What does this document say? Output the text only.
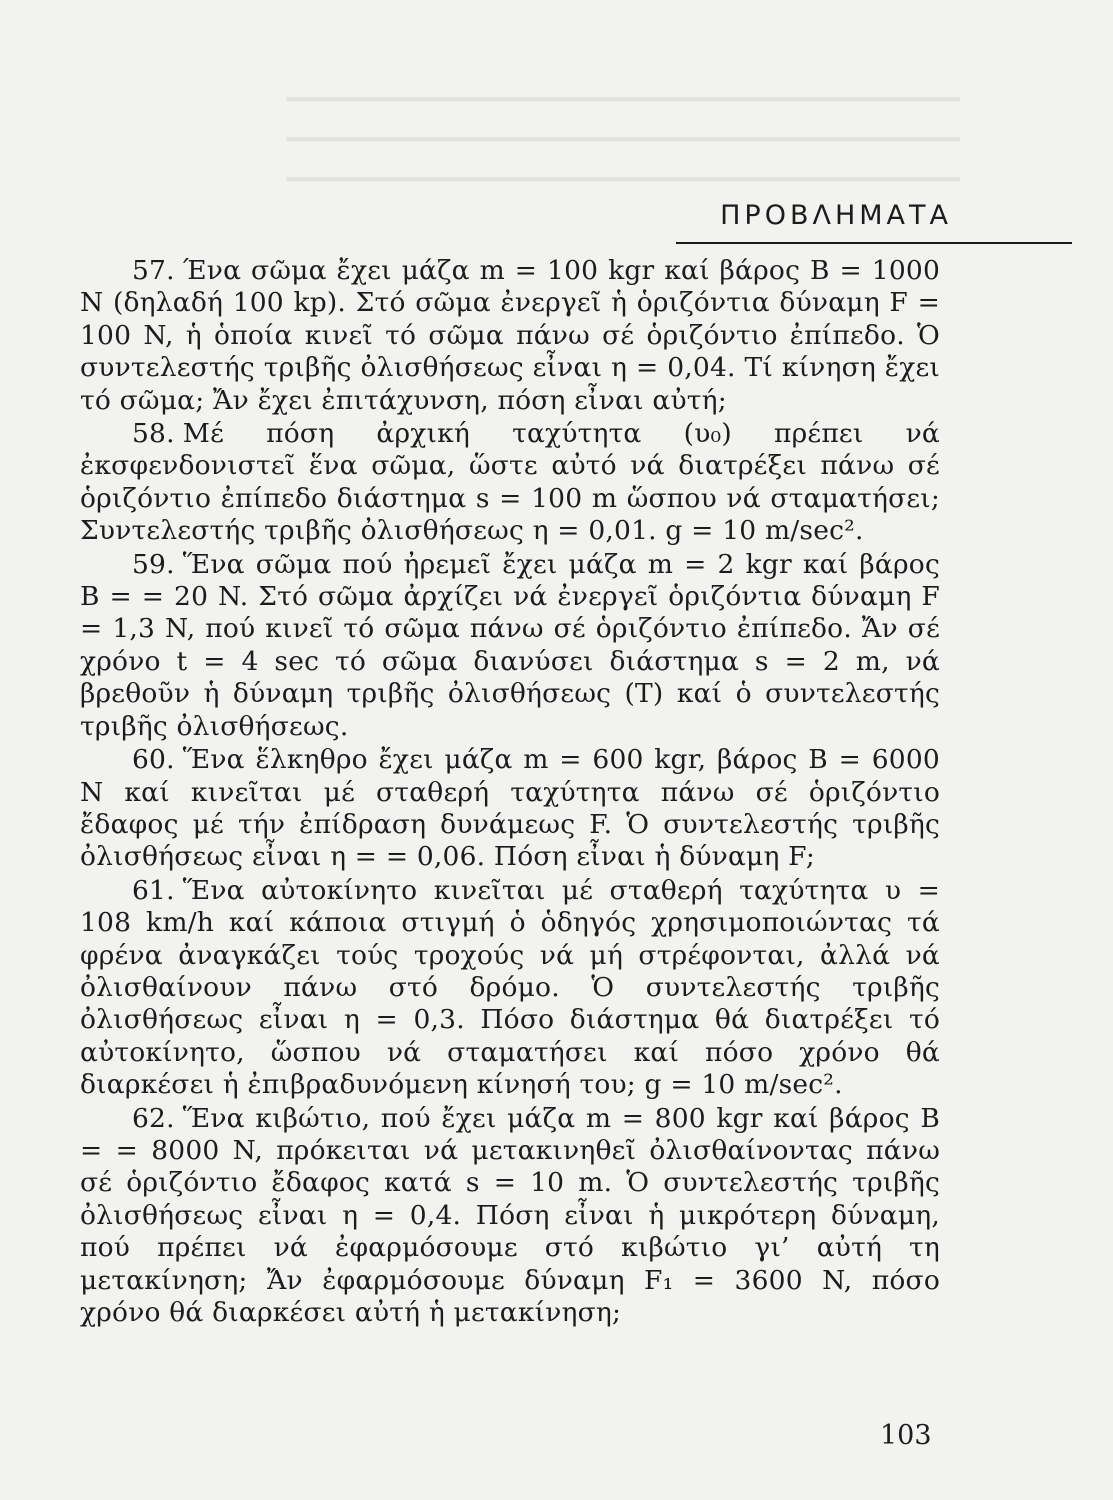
━━━━━━━━━━━━━━━━━━━━━━━━━━━━━━━━━━━━━━━━━━━
━━━━━━━━━━━━━━━━━━━━━━━━━━━━━━━━━━━━━━━━━━━
━━━━━━━━━━━━━━━━━━━━━━━━━━━━━━━━━━━━━━━━━━━
ΠΡΟΒΛΗΜΑΤΑ

57. Ένα σῶμα ἔχει μάζα m = 100 kgr καί βάρος B = 1000 N (δηλαδή 100 kp). Στό σῶμα ἐνεργεῖ ἡ ὁριζόντια δύναμη F = 100 N, ἡ ὁποία κινεῖ τό σῶμα πάνω σέ ὁριζόντιο ἐπίπεδο. Ὁ συντελεστής τριβῆς ὀλισθήσεως εἶναι η = 0,04. Τί κίνηση ἔχει τό σῶμα; Ἄν ἔχει ἐπιτάχυνση, πόση εἶναι αὐτή;

58. Μέ πόση ἀρχική ταχύτητα (υ₀) πρέπει νά ἐκσφενδονιστεῖ ἕνα σῶμα, ὥστε αὐτό νά διατρέξει πάνω σέ ὁριζόντιο ἐπίπεδο διάστημα s = 100 m ὥσπου νά σταματήσει; Συντελεστής τριβῆς ὀλισθήσεως η = 0,01. g = 10 m/sec².

59. Ἕνα σῶμα πού ἠρεμεῖ ἔχει μάζα m = 2 kgr καί βάρος B = = 20 N. Στό σῶμα ἀρχίζει νά ἐνεργεῖ ὁριζόντια δύναμη F = 1,3 N, πού κινεῖ τό σῶμα πάνω σέ ὁριζόντιο ἐπίπεδο. Ἄν σέ χρόνο t = 4 sec τό σῶμα διανύσει διάστημα s = 2 m, νά βρεθοῦν ἡ δύναμη τριβῆς ὀλισθήσεως (T) καί ὁ συντελεστής τριβῆς ὀλισθήσεως.

60. Ἕνα ἕλκηθρο ἔχει μάζα m = 600 kgr, βάρος B = 6000 N καί κινεῖται μέ σταθερή ταχύτητα πάνω σέ ὁριζόντιο ἔδαφος μέ τήν ἐπίδραση δυνάμεως F. Ὁ συντελεστής τριβῆς ὀλισθήσεως εἶναι η = = 0,06. Πόση εἶναι ἡ δύναμη F;

61. Ἕνα αὐτοκίνητο κινεῖται μέ σταθερή ταχύτητα υ = 108 km/h καί κάποια στιγμή ὁ ὁδηγός χρησιμοποιώντας τά φρένα ἀναγκάζει τούς τροχούς νά μή στρέφονται, ἀλλά νά ὀλισθαίνουν πάνω στό δρόμο. Ὁ συντελεστής τριβῆς ὀλισθήσεως εἶναι η = 0,3. Πόσο διάστημα θά διατρέξει τό αὐτοκίνητο, ὥσπου νά σταματήσει καί πόσο χρόνο θά διαρκέσει ἡ ἐπιβραδυνόμενη κίνησή του; g = 10 m/sec².

62. Ἕνα κιβώτιο, πού ἔχει μάζα m = 800 kgr καί βάρος B = = 8000 N, πρόκειται νά μετακινηθεῖ ὀλισθαίνοντας πάνω σέ ὁριζόντιο ἔδαφος κατά s = 10 m. Ὁ συντελεστής τριβῆς ὀλισθήσεως εἶναι η = 0,4. Πόση εἶναι ἡ μικρότερη δύναμη, πού πρέπει νά ἐφαρμόσουμε στό κιβώτιο γι’ αὐτή τη μετακίνηση; Ἄν ἐφαρμόσουμε δύναμη F₁ = 3600 N, πόσο χρόνο θά διαρκέσει αὐτή ἡ μετακίνηση;

103
